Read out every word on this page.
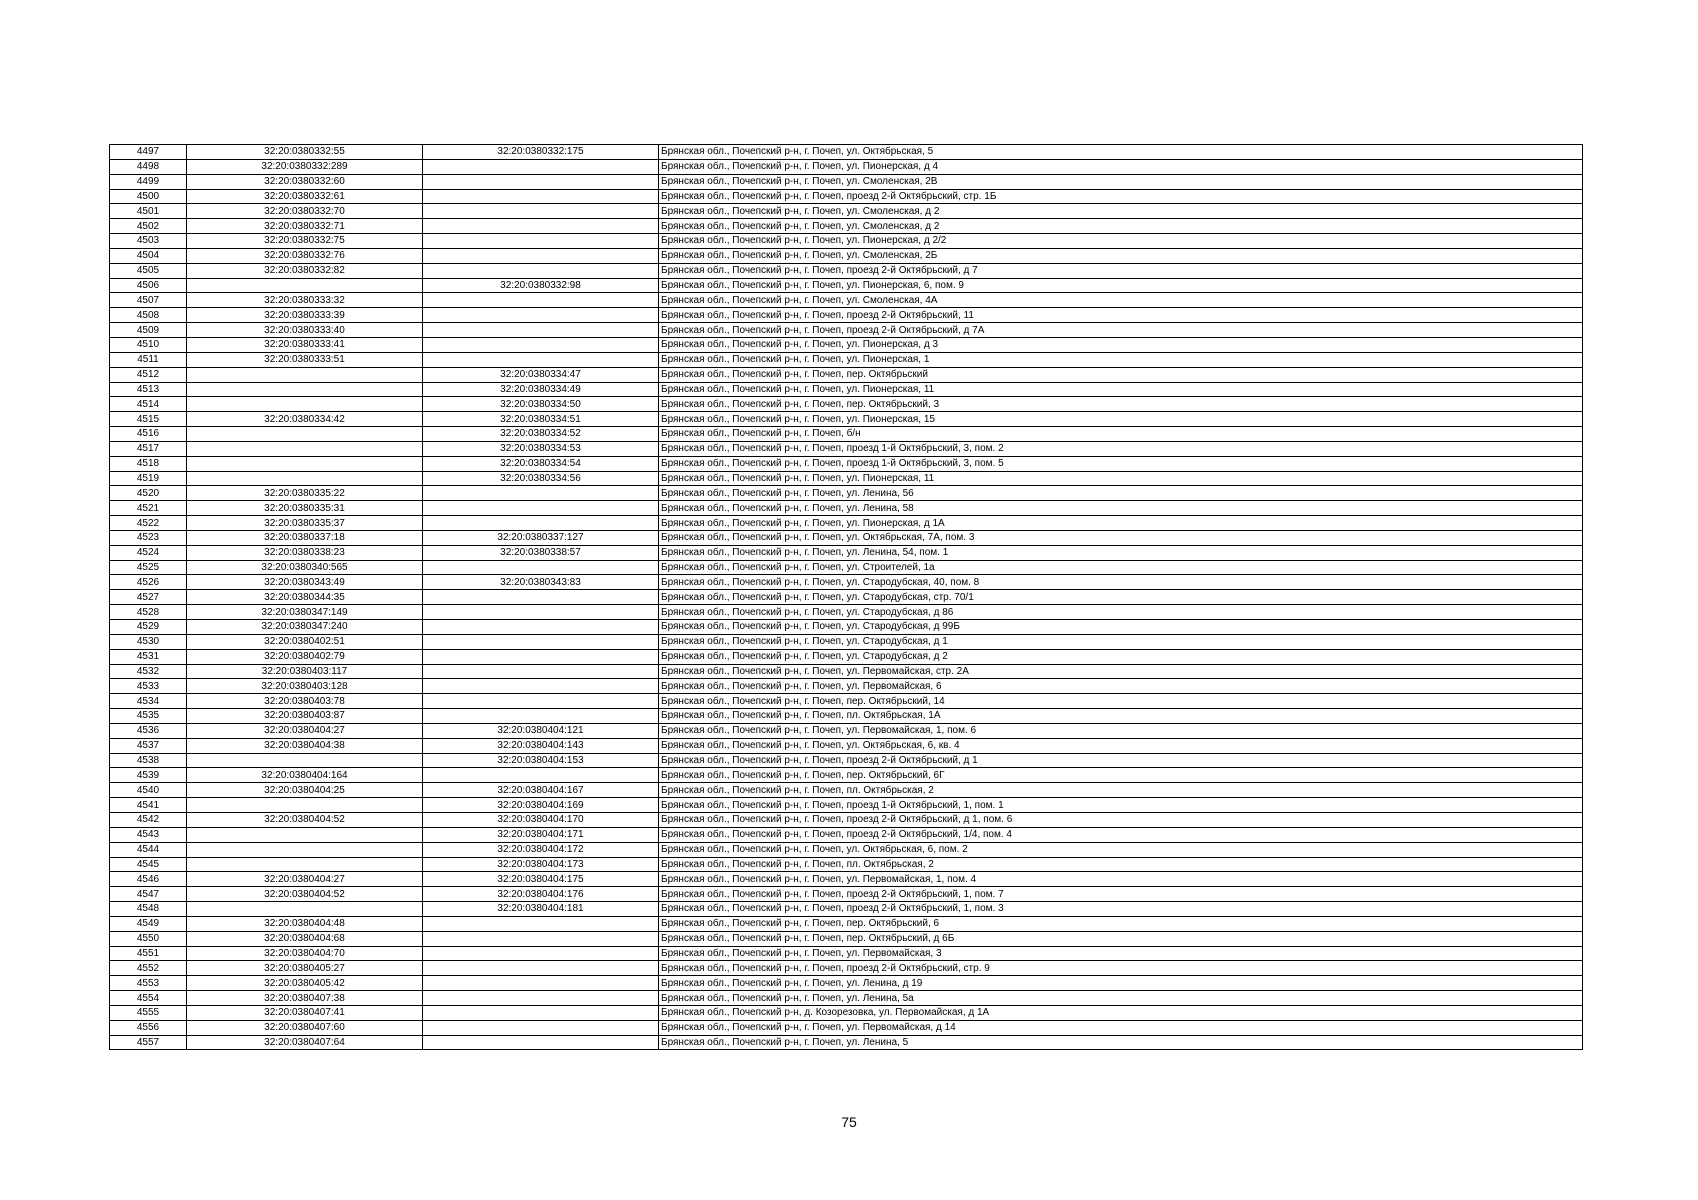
4497	32:20:0380332:55	32:20:0380332:175	Брянская обл., Почепский р-н, г. Почеп, ул. Октябрьская, 5
4498	32:20:0380332:289		Брянская обл., Почепский р-н, г. Почеп, ул. Пионерская, д 4
4499	32:20:0380332:60		Брянская обл., Почепский р-н, г. Почеп, ул. Смоленская, 2В
4500	32:20:0380332:61		Брянская обл., Почепский р-н, г. Почеп, проезд 2-й Октябрьский, стр. 1Б
4501	32:20:0380332:70		Брянская обл., Почепский р-н, г. Почеп, ул. Смоленская, д 2
4502	32:20:0380332:71		Брянская обл., Почепский р-н, г. Почеп, ул. Смоленская, д 2
4503	32:20:0380332:75		Брянская обл., Почепский р-н, г. Почеп, ул. Пионерская, д 2/2
4504	32:20:0380332:76		Брянская обл., Почепский р-н, г. Почеп, ул. Смоленская, 2Б
4505	32:20:0380332:82		Брянская обл., Почепский р-н, г. Почеп, проезд 2-й Октябрьский, д 7
4506		32:20:0380332:98	Брянская обл., Почепский р-н, г. Почеп, ул. Пионерская, 6, пом. 9
4507	32:20:0380333:32		Брянская обл., Почепский р-н, г. Почеп, ул. Смоленская, 4А
4508	32:20:0380333:39		Брянская обл., Почепский р-н, г. Почеп, проезд 2-й Октябрьский, 11
4509	32:20:0380333:40		Брянская обл., Почепский р-н, г. Почеп, проезд 2-й Октябрьский, д 7А
4510	32:20:0380333:41		Брянская обл., Почепский р-н, г. Почеп, ул. Пионерская, д 3
4511	32:20:0380333:51		Брянская обл., Почепский р-н, г. Почеп, ул. Пионерская, 1
4512		32:20:0380334:47	Брянская обл., Почепский р-н, г. Почеп, пер. Октябрьский
4513		32:20:0380334:49	Брянская обл., Почепский р-н, г. Почеп, ул. Пионерская, 11
4514		32:20:0380334:50	Брянская обл., Почепский р-н, г. Почеп, пер. Октябрьский, 3
4515	32:20:0380334:42	32:20:0380334:51	Брянская обл., Почепский р-н, г. Почеп, ул. Пионерская, 15
4516		32:20:0380334:52	Брянская обл., Почепский р-н, г. Почеп, б/н
4517		32:20:0380334:53	Брянская обл., Почепский р-н, г. Почеп, проезд 1-й Октябрьский, 3, пом. 2
4518		32:20:0380334:54	Брянская обл., Почепский р-н, г. Почеп, проезд 1-й Октябрьский, 3, пом. 5
4519		32:20:0380334:56	Брянская обл., Почепский р-н, г. Почеп, ул. Пионерская, 11
4520	32:20:0380335:22		Брянская обл., Почепский р-н, г. Почеп, ул. Ленина, 56
4521	32:20:0380335:31		Брянская обл., Почепский р-н, г. Почеп, ул. Ленина, 58
4522	32:20:0380335:37		Брянская обл., Почепский р-н, г. Почеп, ул. Пионерская, д 1А
4523	32:20:0380337:18	32:20:0380337:127	Брянская обл., Почепский р-н, г. Почеп, ул. Октябрьская, 7А, пом. 3
4524	32:20:0380338:23	32:20:0380338:57	Брянская обл., Почепский р-н, г. Почеп, ул. Ленина, 54, пом. 1
4525	32:20:0380340:565		Брянская обл., Почепский р-н, г. Почеп, ул. Строителей, 1а
4526	32:20:0380343:49	32:20:0380343:83	Брянская обл., Почепский р-н, г. Почеп, ул. Стародубская, 40, пом. 8
4527	32:20:0380344:35		Брянская обл., Почепский р-н, г. Почеп, ул. Стародубская, стр. 70/1
4528	32:20:0380347:149		Брянская обл., Почепский р-н, г. Почеп, ул. Стародубская, д 86
4529	32:20:0380347:240		Брянская обл., Почепский р-н, г. Почеп, ул. Стародубская, д 99Б
4530	32:20:0380402:51		Брянская обл., Почепский р-н, г. Почеп, ул. Стародубская, д 1
4531	32:20:0380402:79		Брянская обл., Почепский р-н, г. Почеп, ул. Стародубская, д 2
4532	32:20:0380403:117		Брянская обл., Почепский р-н, г. Почеп, ул. Первомайская, стр. 2А
4533	32:20:0380403:128		Брянская обл., Почепский р-н, г. Почеп, ул. Первомайская, 6
4534	32:20:0380403:78		Брянская обл., Почепский р-н, г. Почеп, пер. Октябрьский, 14
4535	32:20:0380403:87		Брянская обл., Почепский р-н, г. Почеп, пл. Октябрьская, 1А
4536	32:20:0380404:27	32:20:0380404:121	Брянская обл., Почепский р-н, г. Почеп, ул. Первомайская, 1, пом. 6
4537	32:20:0380404:38	32:20:0380404:143	Брянская обл., Почепский р-н, г. Почеп, ул. Октябрьская, 6, кв. 4
4538		32:20:0380404:153	Брянская обл., Почепский р-н, г. Почеп, проезд 2-й Октябрьский, д 1
4539	32:20:0380404:164		Брянская обл., Почепский р-н, г. Почеп, пер. Октябрьский, 6Г
4540	32:20:0380404:25	32:20:0380404:167	Брянская обл., Почепский р-н, г. Почеп, пл. Октябрьская, 2
4541		32:20:0380404:169	Брянская обл., Почепский р-н, г. Почеп, проезд 1-й Октябрьский, 1, пом. 1
4542	32:20:0380404:52	32:20:0380404:170	Брянская обл., Почепский р-н, г. Почеп, проезд 2-й Октябрьский, д 1, пом. 6
4543		32:20:0380404:171	Брянская обл., Почепский р-н, г. Почеп, проезд 2-й Октябрьский, 1/4, пом. 4
4544		32:20:0380404:172	Брянская обл., Почепский р-н, г. Почеп, ул. Октябрьская, 6, пом. 2
4545		32:20:0380404:173	Брянская обл., Почепский р-н, г. Почеп, пл. Октябрьская, 2
4546	32:20:0380404:27	32:20:0380404:175	Брянская обл., Почепский р-н, г. Почеп, ул. Первомайская, 1, пом. 4
4547	32:20:0380404:52	32:20:0380404:176	Брянская обл., Почепский р-н, г. Почеп, проезд 2-й Октябрьский, 1, пом. 7
4548		32:20:0380404:181	Брянская обл., Почепский р-н, г. Почеп, проезд 2-й Октябрьский, 1, пом. 3
4549	32:20:0380404:48		Брянская обл., Почепский р-н, г. Почеп, пер. Октябрьский, 6
4550	32:20:0380404:68		Брянская обл., Почепский р-н, г. Почеп, пер. Октябрьский, д 6Б
4551	32:20:0380404:70		Брянская обл., Почепский р-н, г. Почеп, ул. Первомайская, 3
4552	32:20:0380405:27		Брянская обл., Почепский р-н, г. Почеп, проезд 2-й Октябрьский, стр. 9
4553	32:20:0380405:42		Брянская обл., Почепский р-н, г. Почеп, ул. Ленина, д 19
4554	32:20:0380407:38		Брянская обл., Почепский р-н, г. Почеп, ул. Ленина, 5а
4555	32:20:0380407:41		Брянская обл., Почепский р-н, д. Козорезовка, ул. Первомайская, д 1А
4556	32:20:0380407:60		Брянская обл., Почепский р-н, г. Почеп, ул. Первомайская, д 14
4557	32:20:0380407:64		Брянская обл., Почепский р-н, г. Почеп, ул. Ленина, 5
75
